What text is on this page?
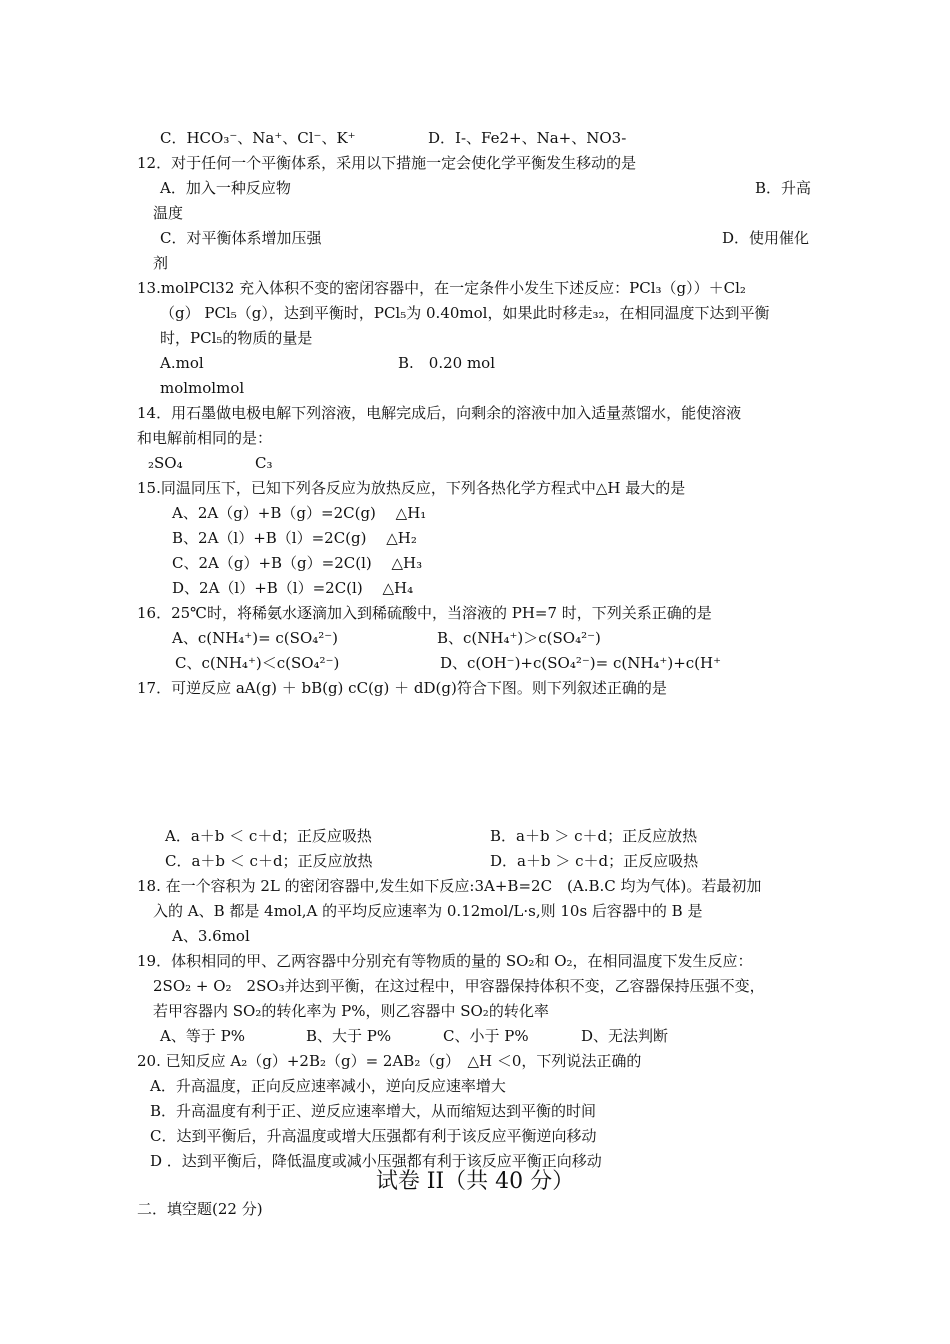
C．HCO₃⁻、Na⁺、Cl⁻、K⁺	D．I-、Fe2+、Na+、NO3-
12．对于任何一个平衡体系，采用以下措施一定会使化学平衡发生移动的是
A．加入一种反应物	B．升高
温度
C．对平衡体系增加压强	D．使用催化
剂
13.molPCl32 充入体积不变的密闭容器中，在一定条件小发生下述反应：PCl₃（g））＋Cl₂
（g） PCl₅（g），达到平衡时，PCl₅为 0.40mol，如果此时移走₃₂，在相同温度下达到平衡
时，PCl₅的物质的量是
A.mol	B.　0.20 mol
molmolmol
14．用石墨做电极电解下列溶液，电解完成后，向剩余的溶液中加入适量蒸馏水，能使溶液
和电解前相同的是：
₂SO₄	C₃
15.同温同压下，已知下列各反应为放热反应，下列各热化学方程式中△H 最大的是
A、2A（g）+B（g）=2C(g)　 △H₁
B、2A（l）+B（l）=2C(g)　 △H₂
C、2A（g）+B（g）=2C(l)　 △H₃
D、2A（l）+B（l）=2C(l)　 △H₄
16．25℃时，将稀氨水逐滴加入到稀硫酸中，当溶液的 PH=7 时，下列关系正确的是
A、c(NH₄⁺)= c(SO₄²⁻)	B、c(NH₄⁺)＞c(SO₄²⁻)
C、c(NH₄⁺)＜c(SO₄²⁻)	D、c(OH⁻)+c(SO₄²⁻)= c(NH₄⁺)+c(H⁺
17．可逆反应 aA(g) ＋ bB(g) cC(g) ＋ dD(g)符合下图。则下列叙述正确的是
A．a＋b ＜ c＋d；正反应吸热	B．a＋b ＞ c＋d；正反应放热
C．a＋b ＜ c＋d；正反应放热	D．a＋b ＞ c＋d；正反应吸热
18. 在一个容积为 2L 的密闭容器中,发生如下反应:3A+B=2C　(A.B.C 均为气体)。若最初加
入的 A、B 都是 4mol,A 的平均反应速率为 0.12mol/L·s,则 10s 后容器中的 B 是
A、3.6mol
19．体积相同的甲、乙两容器中分别充有等物质的量的 SO₂和 O₂，在相同温度下发生反应：
2SO₂ + O₂　2SO₃并达到平衡，在这过程中，甲容器保持体积不变，乙容器保持压强不变，
若甲容器内 SO₂的转化率为 P%，则乙容器中 SO₂的转化率
A、等于 P%	B、大于 P%	C、小于 P%	D、无法判断
20. 已知反应 A₂（g）+2B₂（g）= 2AB₂（g）　△H ＜0，下列说法正确的
A．升高温度，正向反应速率减小，逆向反应速率增大
B．升高温度有利于正、逆反应速率增大，从而缩短达到平衡的时间
C．达到平衡后，升高温度或增大压强都有利于该反应平衡逆向移动
D ．达到平衡后，降低温度或减小压强都有利于该反应平衡正向移动
试卷 II（共 40 分）
二．填空题(22 分)
